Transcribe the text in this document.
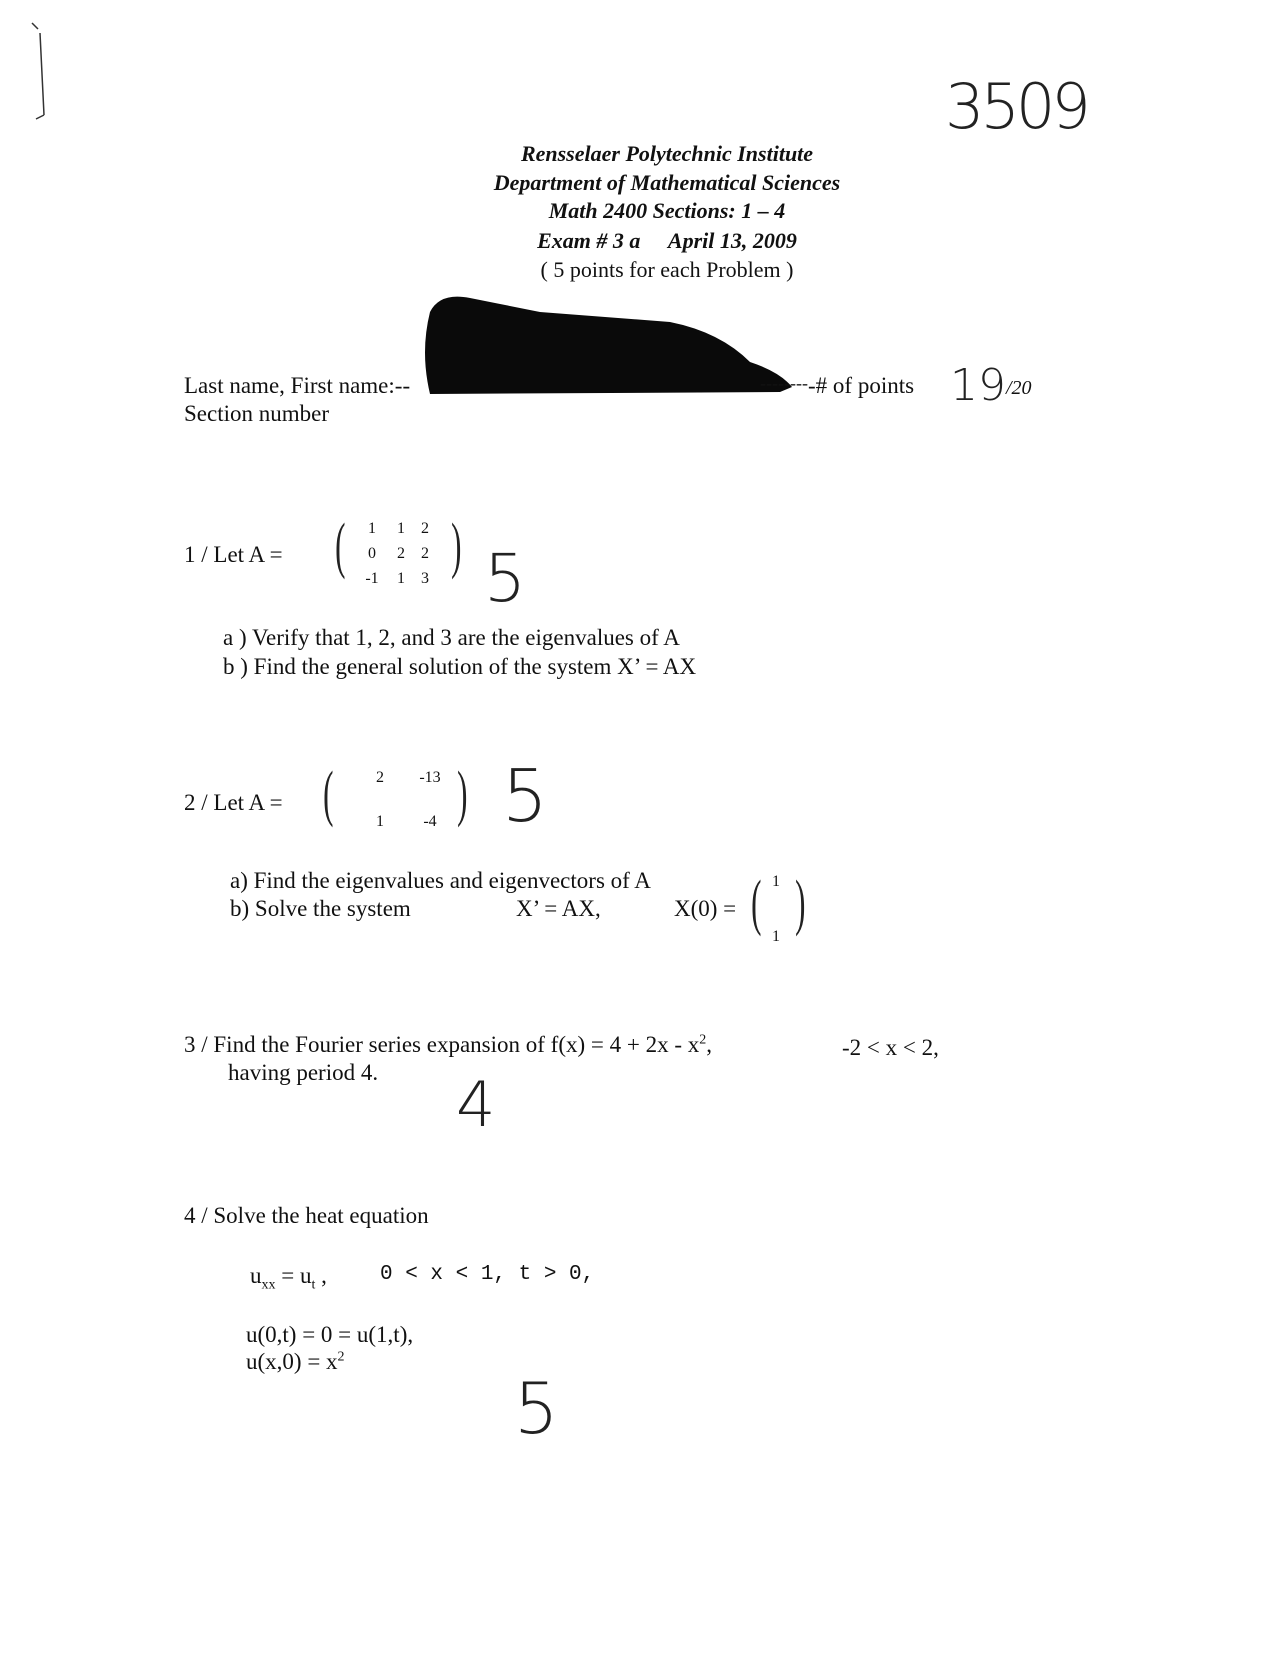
3509
Rensselaer Polytechnic Institute
Department of Mathematical Sciences
Math 2400 Sections: 1 – 4
Exam # 3 a April 13, 2009
( 5 points for each Problem )
Last name, First name:--	-------- -# of points 19 /20
Section number
1 / Let A = ( )
1	1	2
0	2	2
-1	1	3 5
a ) Verify that 1, 2, and 3 are the eigenvalues of A
b ) Find the general solution of the system X’ = AX
2 / Let A = ( )
2	-13
1	-4 5
a) Find the eigenvalues and eigenvectors of A
b) Solve the system	X’ = AX,	X(0) = ( )
1
1
3 / Find the Fourier series expansion of $f(x) = 4 + 2x - x^2$,	-2 < x < 2,
having period 4. 4
4 / Solve the heat equation
$u_{xx} = u_t$ ,	0 < x < 1, t > 0,
u(0,t) = 0 = u(1,t),
$u(x,0) = x^2$
5
